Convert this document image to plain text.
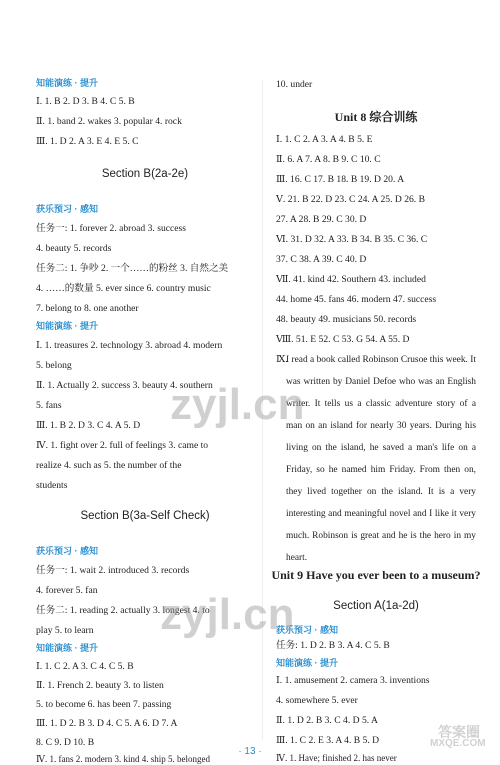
知能演练 · 提升
Ⅰ. 1. B 2. D 3. B 4. C 5. B
Ⅱ. 1. band 2. wakes 3. popular 4. rock
Ⅲ. 1. D 2. A 3. E 4. E 5. C
Section B(2a-2e)
获乐预习 · 感知
任务一: 1. forever 2. abroad 3. success
4. beauty 5. records
任务二: 1. 争吵 2. 一个……的粉丝 3. 自然之美
4. ……的数量 5. ever since 6. country music
7. belong to 8. one another
知能演练 · 提升
Ⅰ. 1. treasures 2. technology 3. abroad 4. modern
5. belong
Ⅱ. 1. Actually 2. success 3. beauty 4. southern
5. fans
Ⅲ. 1. B 2. D 3. C 4. A 5. D
Ⅳ. 1. fight over 2. full of feelings 3. came to
realize 4. such as 5. the number of the
students
Section B(3a-Self Check)
获乐预习 · 感知
任务一: 1. wait 2. introduced 3. records
4. forever 5. fan
任务二: 1. reading 2. actually 3. longest 4. to
play 5. to learn
知能演练 · 提升
Ⅰ. 1. C 2. A 3. C 4. C 5. B
Ⅱ. 1. French 2. beauty 3. to listen
5. to become 6. has been 7. passing
Ⅲ. 1. D 2. B 3. D 4. C 5. A 6. D 7. A
8. C 9. D 10. B
Ⅳ. 1. fans 2. modern 3. kind 4. ship 5. belonged
10. under
Unit 8 综合训练
Ⅰ. 1. C 2. A 3. A 4. B 5. E
Ⅱ. 6. A 7. A 8. B 9. C 10. C
Ⅲ. 16. C 17. B 18. B 19. D 20. A
Ⅴ. 21. B 22. D 23. C 24. A 25. D 26. B
27. A 28. B 29. C 30. D
Ⅵ. 31. D 32. A 33. B 34. B 35. C 36. C
37. C 38. A 39. C 40. D
Ⅶ. 41. kind 42. Southern 43. included
44. home 45. fans 46. modern 47. success
48. beauty 49. musicians 50. records
Ⅷ. 51. E 52. C 53. G 54. A 55. D
Ⅸ.
I read a book called Robinson Crusoe this week. It was written by Daniel Defoe who was an English writer. It tells us a classic adventure story of a man on an island for nearly 30 years. During his living on the island, he saved a man's life on a Friday, so he named him Friday. From then on, they lived together on the island. It is a very interesting and meaningful novel and I like it very much. Robinson is great and he is the hero in my heart.
Unit 9 Have you ever been to a museum?
Section A(1a-2d)
获乐预习 · 感知
任务: 1. D 2. B 3. A 4. C 5. B
知能演练 · 提升
Ⅰ. 1. amusement 2. camera 3. inventions
4. somewhere 5. ever
Ⅱ. 1. D 2. B 3. C 4. D 5. A
Ⅲ. 1. C 2. E 3. A 4. B 5. D
Ⅳ. 1. Have; finished 2. has never
zyjl.cn
zyjl.cn
答案圈
MXQE.COM
· 13 ·
